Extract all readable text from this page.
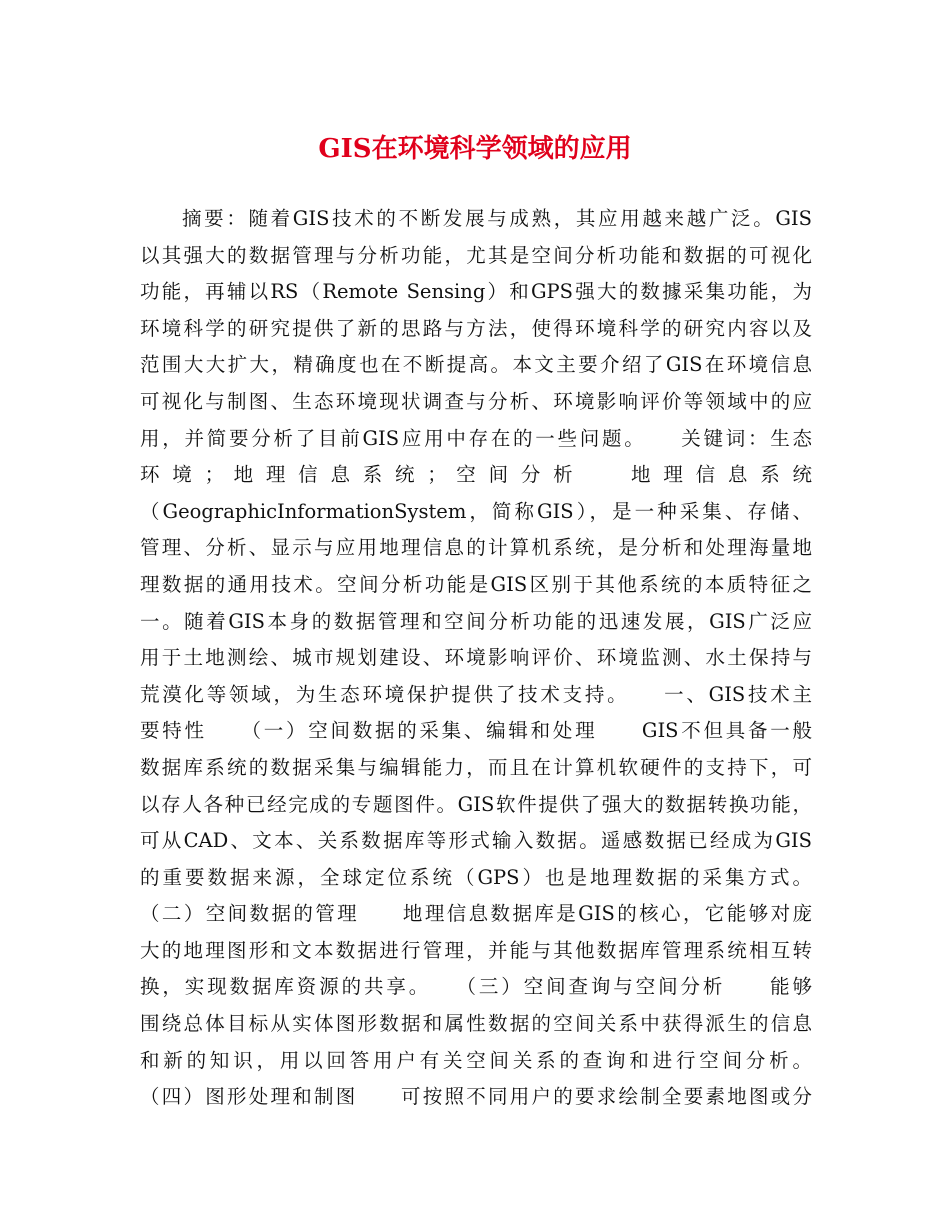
GIS在环境科学领域的应用
摘要：随着GIS技术的不断发展与成熟，其应用越来越广泛。GIS
以其强大的数据管理与分析功能，尤其是空间分析功能和数据的可视化
功能，再辅以RS（Remote Sensing）和GPS强大的数據采集功能，为
环境科学的研究提供了新的思路与方法，使得环境科学的研究内容以及
范围大大扩大，精确度也在不断提高。本文主要介绍了GIS在环境信息
可视化与制图、生态环境现状调查与分析、环境影响评价等领域中的应
用，并简要分析了目前GIS应用中存在的一些问题。　　关键词：生态
环 境 ； 地 理 信 息 系 统 ； 空 间 分 析　　 地 理 信 息 系 统
（GeographicInformationSystem，简称GIS），是一种采集、存储、
管理、分析、显示与应用地理信息的计算机系统，是分析和处理海量地
理数据的通用技术。空间分析功能是GIS区别于其他系统的本质特征之
一。随着GIS本身的数据管理和空间分析功能的迅速发展，GIS广泛应
用于土地测绘、城市规划建设、环境影响评价、环境监测、水土保持与
荒漠化等领域，为生态环境保护提供了技术支持。　　一、GIS技术主
要特性　　（一）空间数据的采集、编辑和处理　　GIS不但具备一般
数据库系统的数据采集与编辑能力，而且在计算机软硬件的支持下，可
以存人各种已经完成的专题图件。GIS软件提供了强大的数据转换功能，
可从CAD、文本、关系数据库等形式输入数据。遥感数据已经成为GIS
的重要数据来源，全球定位系统（GPS）也是地理数据的采集方式。
（二）空间数据的管理　　地理信息数据库是GIS的核心，它能够对庞
大的地理图形和文本数据进行管理，并能与其他数据库管理系统相互转
换，实现数据库资源的共享。　　（三）空间查询与空间分析　　能够
围绕总体目标从实体图形数据和属性数据的空间关系中获得派生的信息
和新的知识，用以回答用户有关空间关系的查询和进行空间分析。
（四）图形处理和制图　　可按照不同用户的要求绘制全要素地图或分
